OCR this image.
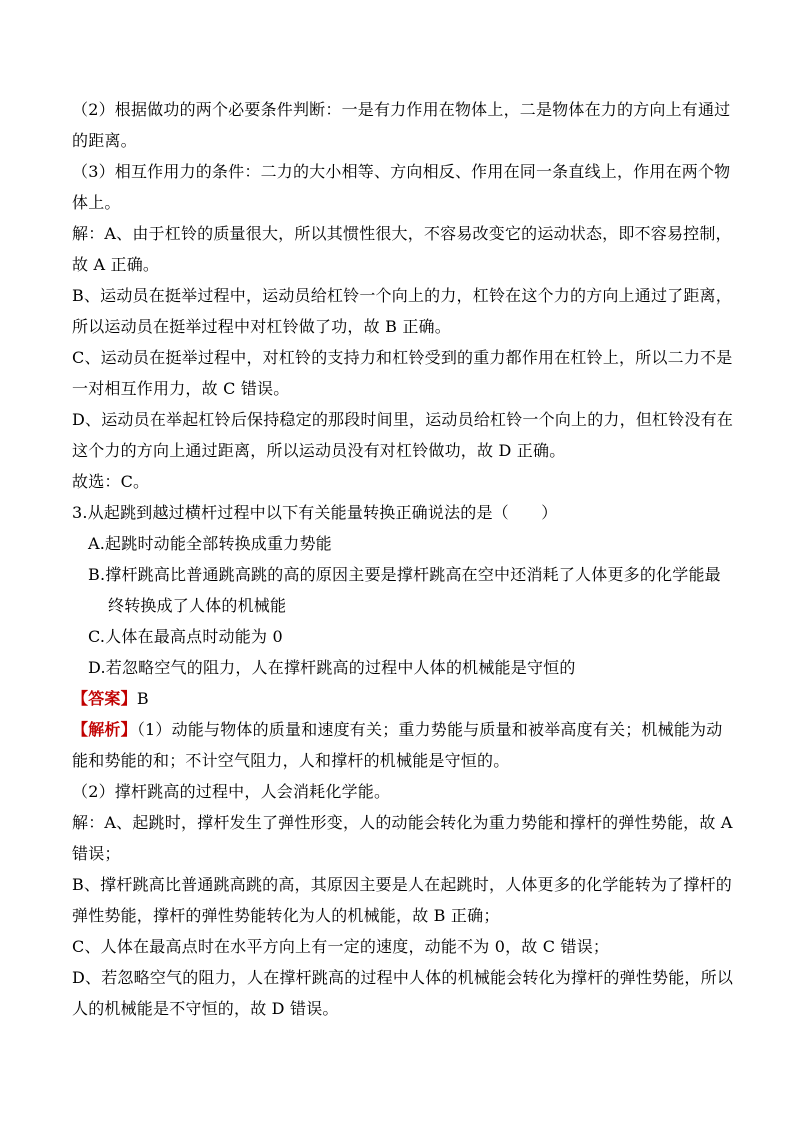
（2）根据做功的两个必要条件判断：一是有力作用在物体上，二是物体在力的方向上有通过
的距离。
（3）相互作用力的条件：二力的大小相等、方向相反、作用在同一条直线上，作用在两个物
体上。
解：A、由于杠铃的质量很大，所以其惯性很大，不容易改变它的运动状态，即不容易控制，
故 A 正确。
B、运动员在挺举过程中，运动员给杠铃一个向上的力，杠铃在这个力的方向上通过了距离，
所以运动员在挺举过程中对杠铃做了功，故 B 正确。
C、运动员在挺举过程中，对杠铃的支持力和杠铃受到的重力都作用在杠铃上，所以二力不是
一对相互作用力，故 C 错误。
D、运动员在举起杠铃后保持稳定的那段时间里，运动员给杠铃一个向上的力，但杠铃没有在
这个力的方向上通过距离，所以运动员没有对杠铃做功，故 D 正确。
故选：C。
3.从起跳到越过横杆过程中以下有关能量转换正确说法的是（　　）
A.起跳时动能全部转换成重力势能
B.撑杆跳高比普通跳高跳的高的原因主要是撑杆跳高在空中还消耗了人体更多的化学能最
终转换成了人体的机械能
C.人体在最高点时动能为 0
D.若忽略空气的阻力，人在撑杆跳高的过程中人体的机械能是守恒的
【答案】B
【解析】（1）动能与物体的质量和速度有关；重力势能与质量和被举高度有关；机械能为动
能和势能的和；不计空气阻力，人和撑杆的机械能是守恒的。
（2）撑杆跳高的过程中，人会消耗化学能。
解：A、起跳时，撑杆发生了弹性形变，人的动能会转化为重力势能和撑杆的弹性势能，故 A
错误；
B、撑杆跳高比普通跳高跳的高，其原因主要是人在起跳时，人体更多的化学能转为了撑杆的
弹性势能，撑杆的弹性势能转化为人的机械能，故 B 正确；
C、人体在最高点时在水平方向上有一定的速度，动能不为 0，故 C 错误；
D、若忽略空气的阻力，人在撑杆跳高的过程中人体的机械能会转化为撑杆的弹性势能，所以
人的机械能是不守恒的，故 D 错误。
